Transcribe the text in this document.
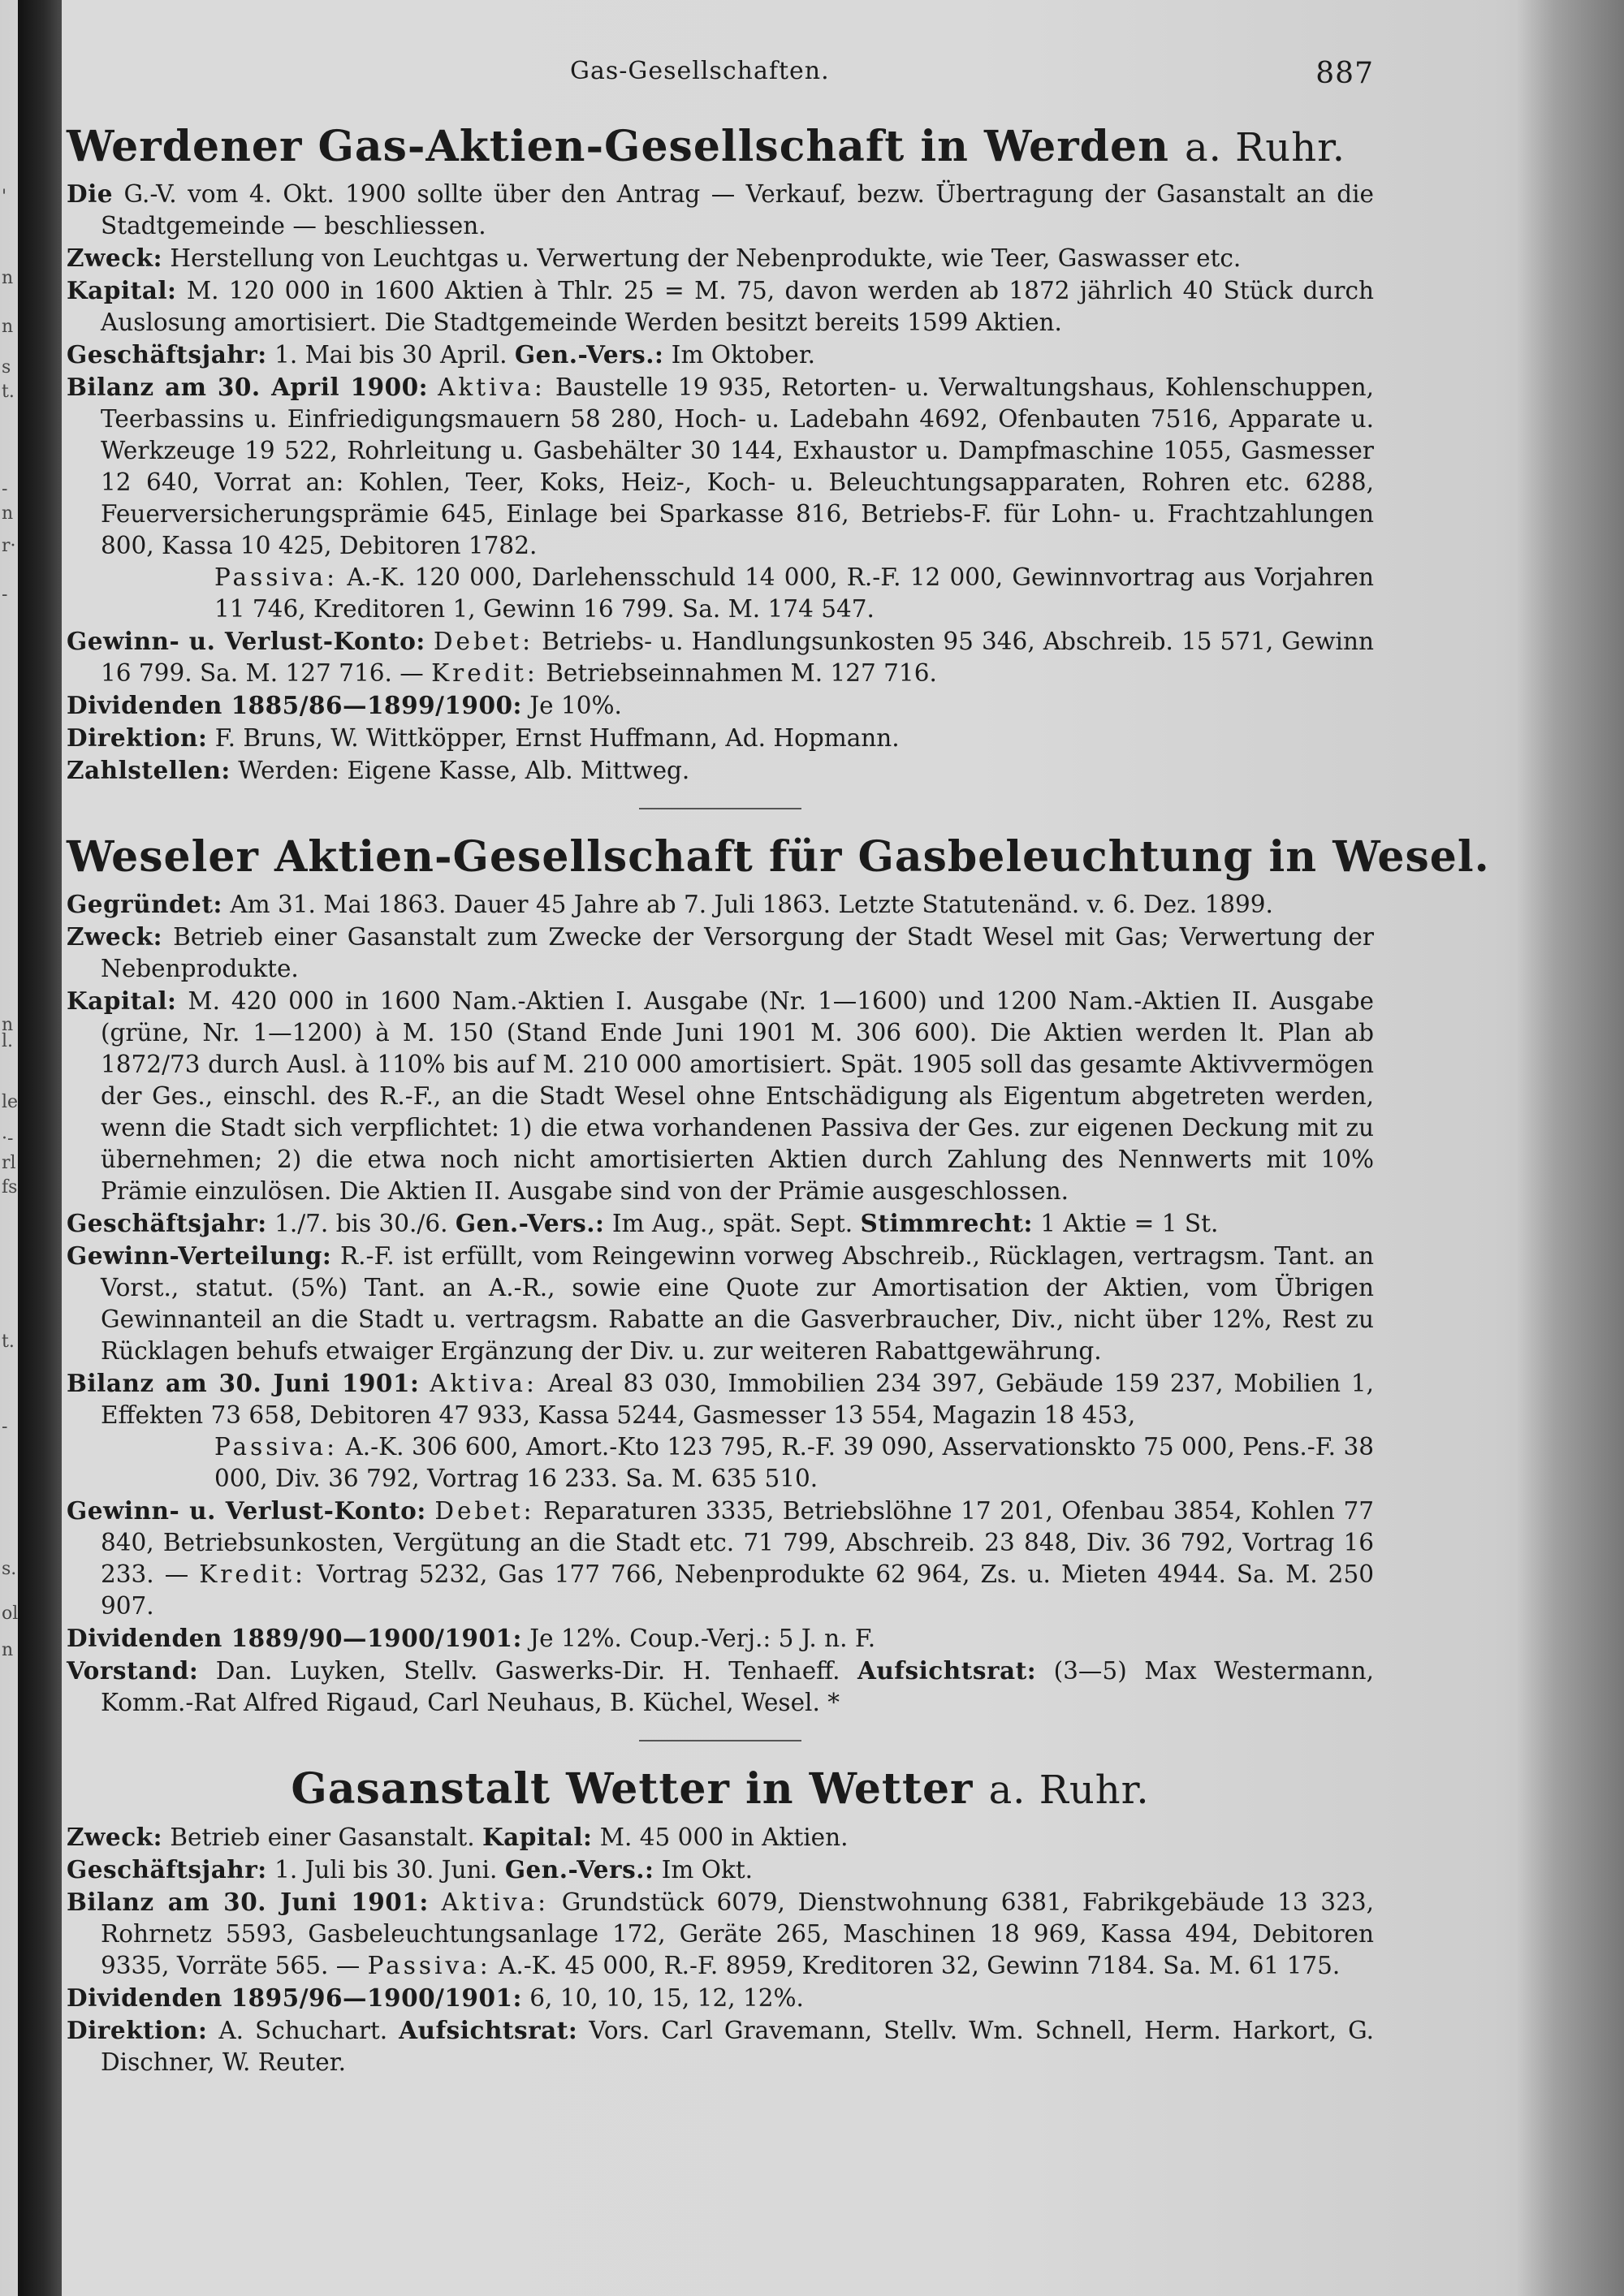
'
n
n
s
t.
-
n
r·
-
n
l.
le
·-
rl
fs
t.
-
s.
ol
n
Gas-Gesellschaften.	887
Werdener Gas-Aktien-Gesellschaft in Werden a. Ruhr.

Die G.-V. vom 4. Okt. 1900 sollte über den Antrag — Verkauf, bezw. Übertragung der Gasanstalt an die Stadtgemeinde — beschliessen.

Zweck: Herstellung von Leuchtgas u. Verwertung der Nebenprodukte, wie Teer, Gaswasser etc.

Kapital: M. 120 000 in 1600 Aktien à Thlr. 25 = M. 75, davon werden ab 1872 jährlich 40 Stück durch Auslosung amortisiert. Die Stadtgemeinde Werden besitzt bereits 1599 Aktien.

Geschäftsjahr: 1. Mai bis 30 April. Gen.-Vers.: Im Oktober.

Bilanz am 30. April 1900: Aktiva: Baustelle 19 935, Retorten- u. Verwaltungshaus, Kohlenschuppen, Teerbassins u. Einfriedigungsmauern 58 280, Hoch- u. Ladebahn 4692, Ofenbauten 7516, Apparate u. Werkzeuge 19 522, Rohrleitung u. Gasbehälter 30 144, Exhaustor u. Dampfmaschine 1055, Gasmesser 12 640, Vorrat an: Kohlen, Teer, Koks, Heiz-, Koch- u. Beleuchtungsapparaten, Rohren etc. 6288, Feuerversicherungsprämie 645, Einlage bei Sparkasse 816, Betriebs-F. für Lohn- u. Frachtzahlungen 800, Kassa 10 425, Debitoren 1782.
Passiva: A.-K. 120 000, Darlehensschuld 14 000, R.-F. 12 000, Gewinnvortrag aus Vorjahren 11 746, Kreditoren 1, Gewinn 16 799. Sa. M. 174 547.

Gewinn- u. Verlust-Konto: Debet: Betriebs- u. Handlungsunkosten 95 346, Abschreib. 15 571, Gewinn 16 799. Sa. M. 127 716. — Kredit: Betriebseinnahmen M. 127 716.

Dividenden 1885/86—1899/1900: Je 10%.

Direktion: F. Bruns, W. Wittköpper, Ernst Huffmann, Ad. Hopmann.

Zahlstellen: Werden: Eigene Kasse, Alb. Mittweg.

Weseler Aktien-Gesellschaft für Gasbeleuchtung in Wesel.

Gegründet: Am 31. Mai 1863. Dauer 45 Jahre ab 7. Juli 1863. Letzte Statutenänd. v. 6. Dez. 1899.

Zweck: Betrieb einer Gasanstalt zum Zwecke der Versorgung der Stadt Wesel mit Gas; Verwertung der Nebenprodukte.

Kapital: M. 420 000 in 1600 Nam.-Aktien I. Ausgabe (Nr. 1—1600) und 1200 Nam.-Aktien II. Ausgabe (grüne, Nr. 1—1200) à M. 150 (Stand Ende Juni 1901 M. 306 600). Die Aktien werden lt. Plan ab 1872/73 durch Ausl. à 110% bis auf M. 210 000 amortisiert. Spät. 1905 soll das gesamte Aktivvermögen der Ges., einschl. des R.-F., an die Stadt Wesel ohne Entschädigung als Eigentum abgetreten werden, wenn die Stadt sich verpflichtet: 1) die etwa vorhandenen Passiva der Ges. zur eigenen Deckung mit zu übernehmen; 2) die etwa noch nicht amortisierten Aktien durch Zahlung des Nennwerts mit 10% Prämie einzulösen. Die Aktien II. Ausgabe sind von der Prämie ausgeschlossen.

Geschäftsjahr: 1./7. bis 30./6. Gen.-Vers.: Im Aug., spät. Sept. Stimmrecht: 1 Aktie = 1 St.

Gewinn-Verteilung: R.-F. ist erfüllt, vom Reingewinn vorweg Abschreib., Rücklagen, vertragsm. Tant. an Vorst., statut. (5%) Tant. an A.-R., sowie eine Quote zur Amortisation der Aktien, vom Übrigen Gewinnanteil an die Stadt u. vertragsm. Rabatte an die Gasverbraucher, Div., nicht über 12%, Rest zu Rücklagen behufs etwaiger Ergänzung der Div. u. zur weiteren Rabattgewährung.

Bilanz am 30. Juni 1901: Aktiva: Areal 83 030, Immobilien 234 397, Gebäude 159 237, Mobilien 1, Effekten 73 658, Debitoren 47 933, Kassa 5244, Gasmesser 13 554, Magazin 18 453,
Passiva: A.-K. 306 600, Amort.-Kto 123 795, R.-F. 39 090, Asservationskto 75 000, Pens.-F. 38 000, Div. 36 792, Vortrag 16 233. Sa. M. 635 510.

Gewinn- u. Verlust-Konto: Debet: Reparaturen 3335, Betriebslöhne 17 201, Ofenbau 3854, Kohlen 77 840, Betriebsunkosten, Vergütung an die Stadt etc. 71 799, Abschreib. 23 848, Div. 36 792, Vortrag 16 233. — Kredit: Vortrag 5232, Gas 177 766, Nebenprodukte 62 964, Zs. u. Mieten 4944. Sa. M. 250 907.

Dividenden 1889/90—1900/1901: Je 12%. Coup.-Verj.: 5 J. n. F.

Vorstand: Dan. Luyken, Stellv. Gaswerks-Dir. H. Tenhaeff. Aufsichtsrat: (3—5) Max Westermann, Komm.-Rat Alfred Rigaud, Carl Neuhaus, B. Küchel, Wesel. *

Gasanstalt Wetter in Wetter a. Ruhr.

Zweck: Betrieb einer Gasanstalt. Kapital: M. 45 000 in Aktien.

Geschäftsjahr: 1. Juli bis 30. Juni. Gen.-Vers.: Im Okt.

Bilanz am 30. Juni 1901: Aktiva: Grundstück 6079, Dienstwohnung 6381, Fabrikgebäude 13 323, Rohrnetz 5593, Gasbeleuchtungsanlage 172, Geräte 265, Maschinen 18 969, Kassa 494, Debitoren 9335, Vorräte 565. — Passiva: A.-K. 45 000, R.-F. 8959, Kreditoren 32, Gewinn 7184. Sa. M. 61 175.

Dividenden 1895/96—1900/1901: 6, 10, 10, 15, 12, 12%.

Direktion: A. Schuchart. Aufsichtsrat: Vors. Carl Gravemann, Stellv. Wm. Schnell, Herm. Harkort, G. Dischner, W. Reuter.
